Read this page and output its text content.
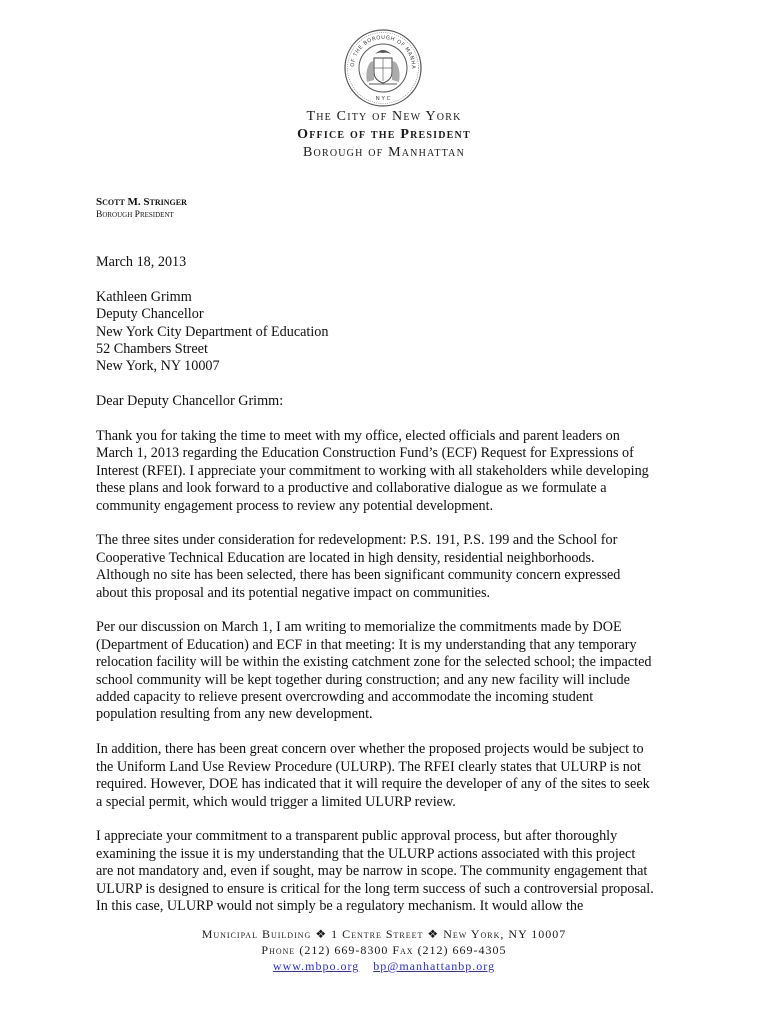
OF THE BOROUGH OF MANHA
N Y C
The City of New York
Office of the President
Borough of Manhattan
Scott M. Stringer
Borough President

March 18, 2013

Kathleen Grimm
Deputy Chancellor
New York City Department of Education
52 Chambers Street
New York, NY 10007

Dear Deputy Chancellor Grimm:

Thank you for taking the time to meet with my office, elected officials and parent leaders on
March 1, 2013 regarding the Education Construction Fund’s (ECF) Request for Expressions of
Interest (RFEI). I appreciate your commitment to working with all stakeholders while developing
these plans and look forward to a productive and collaborative dialogue as we formulate a
community engagement process to review any potential development.

The three sites under consideration for redevelopment: P.S. 191, P.S. 199 and the School for
Cooperative Technical Education are located in high density, residential neighborhoods.
Although no site has been selected, there has been significant community concern expressed
about this proposal and its potential negative impact on communities.

Per our discussion on March 1, I am writing to memorialize the commitments made by DOE
(Department of Education) and ECF in that meeting: It is my understanding that any temporary
relocation facility will be within the existing catchment zone for the selected school; the impacted
school community will be kept together during construction; and any new facility will include
added capacity to relieve present overcrowding and accommodate the incoming student
population resulting from any new development.

In addition, there has been great concern over whether the proposed projects would be subject to
the Uniform Land Use Review Procedure (ULURP). The RFEI clearly states that ULURP is not
required. However, DOE has indicated that it will require the developer of any of the sites to seek
a special permit, which would trigger a limited ULURP review.

I appreciate your commitment to a transparent public approval process, but after thoroughly
examining the issue it is my understanding that the ULURP actions associated with this project
are not mandatory and, even if sought, may be narrow in scope. The community engagement that
ULURP is designed to ensure is critical for the long term success of such a controversial proposal.
In this case, ULURP would not simply be a regulatory mechanism. It would allow the

Municipal Building ❖ 1 Centre Street ❖ New York, NY 10007
Phone (212) 669-8300 Fax (212) 669-4305
www.mbpo.org bp@manhattanbp.org
